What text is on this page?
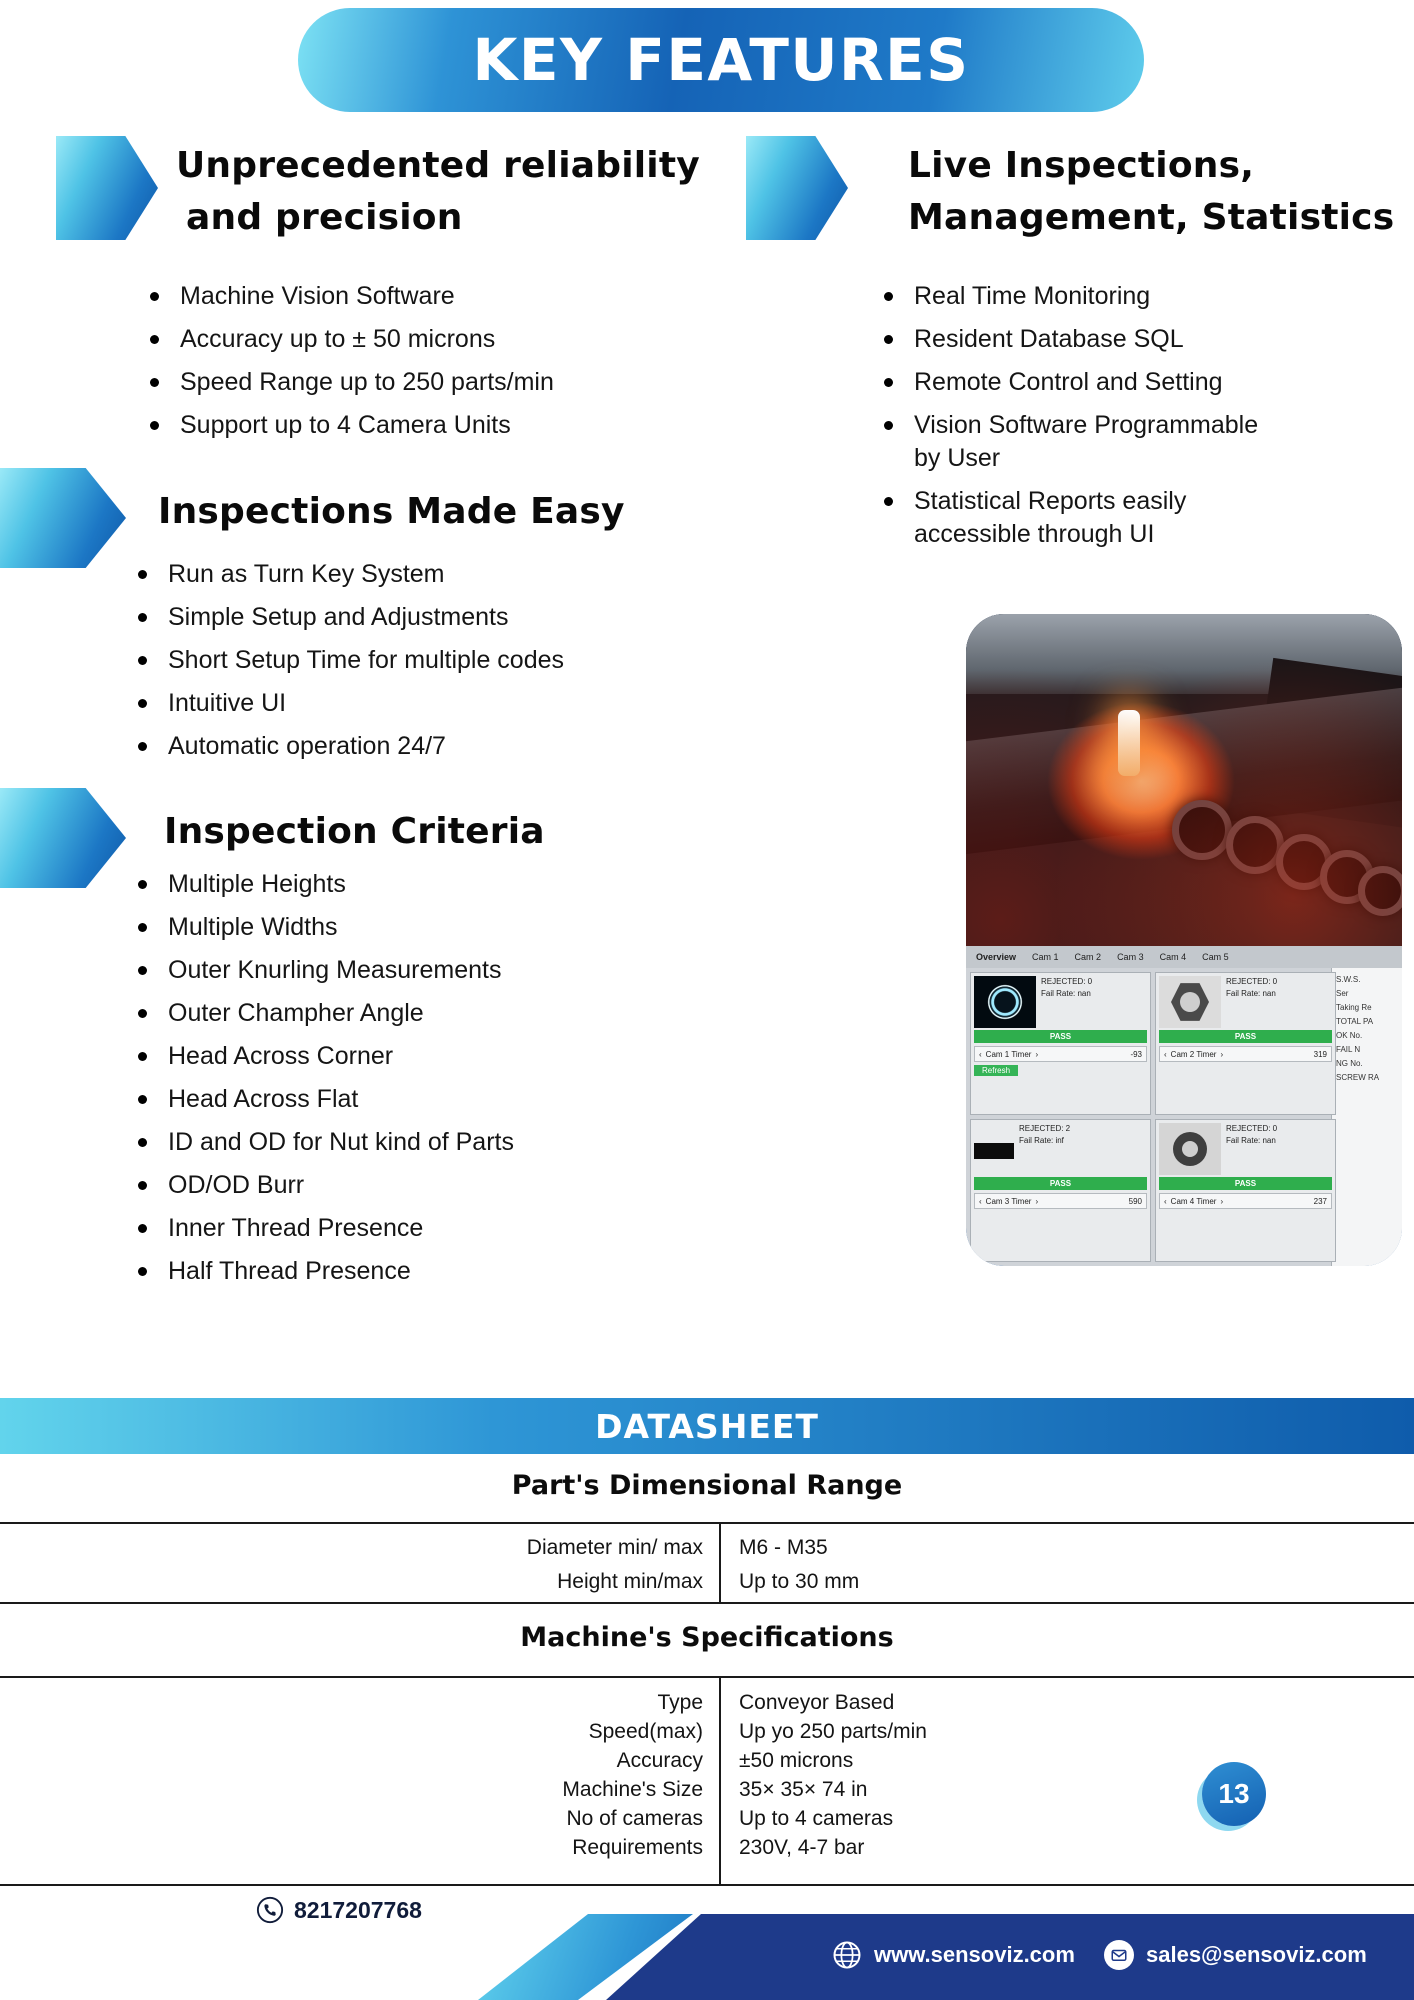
KEY FEATURES
Unprecedented reliability
and precision
Machine Vision Software
Accuracy up to ± 50 microns
Speed Range up to 250 parts/min
Support up to 4 Camera Units
Inspections Made Easy
Run as Turn Key System
Simple Setup and Adjustments
Short Setup Time for multiple codes
Intuitive UI
Automatic operation 24/7
Inspection Criteria
Multiple Heights
Multiple Widths
Outer Knurling Measurements
Outer Champher Angle
Head Across Corner
Head Across Flat
ID and OD for Nut kind of Parts
OD/OD Burr
Inner Thread Presence
Half Thread Presence
Live Inspections,
Management, Statistics
Real Time Monitoring
Resident Database SQL
Remote Control and Setting
Vision Software Programmable by User
Statistical Reports easily accessible through UI
Overview Cam 1 Cam 2 Cam 3 Cam 4 Cam 5
S.W.S.
Ser
Taking Re
TOTAL PA
OK No.
FAIL N
NG No.
SCREW RA
REJECTED: 0
Fail Rate: nan
PASS
‹
Cam 1 Timer ›	-93
Refresh
REJECTED: 0
Fail Rate: nan
PASS
‹
Cam 2 Timer ›	319
REJECTED: 2
Fail Rate: inf
PASS
‹
Cam 3 Timer ›	590
REJECTED: 0
Fail Rate: nan
PASS
‹
Cam 4 Timer ›	237
DATASHEET
Part's Dimensional Range
Diameter min/ max	M6 - M35
Height min/max	Up to 30 mm
Machine's Specifications
Type	Conveyor Based
Speed(max)	Up yo 250 parts/min
Accuracy	±50 microns
Machine's Size	35× 35× 74 in
No of cameras	Up to 4 cameras
Requirements	230V, 4-7 bar
13
8217207768
www.sensoviz.com	sales@sensoviz.com
